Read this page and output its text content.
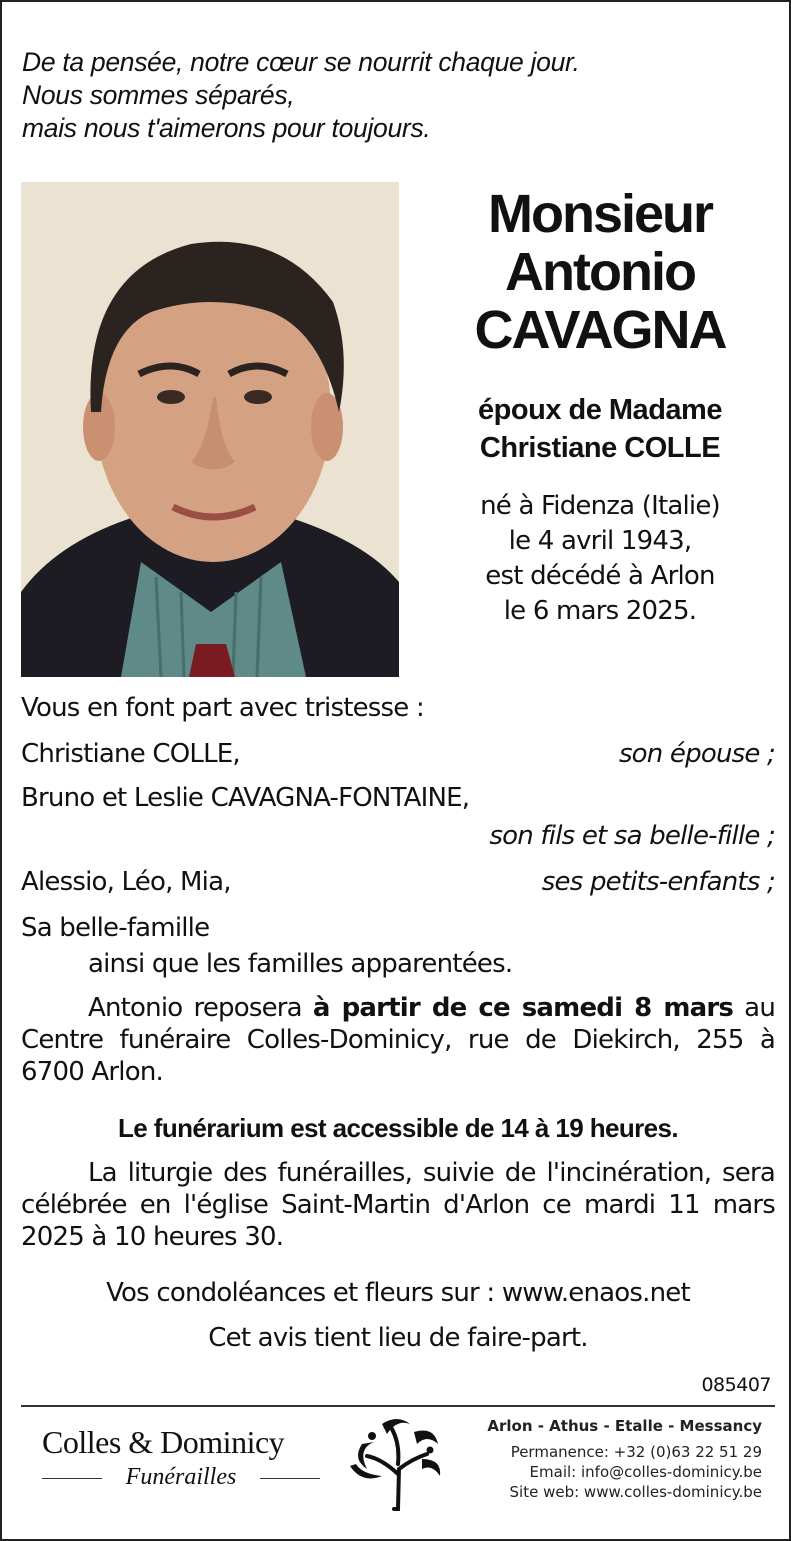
De ta pensée, notre cœur se nourrit chaque jour.
Nous sommes séparés,
mais nous t'aimerons pour toujours.
Monsieur
Antonio
CAVAGNA
époux de Madame
Christiane COLLE
né à Fidenza (Italie)
le 4 avril 1943,
est décédé à Arlon
le 6 mars 2025.
Vous en font part avec tristesse :
Christiane COLLE,	son épouse ;
Bruno et Leslie CAVAGNA-FONTAINE,
son fils et sa belle-fille ;
Alessio, Léo, Mia,	ses petits-enfants ;
Sa belle-famille
ainsi que les familles apparentées.
Antonio reposera à partir de ce samedi 8 mars au Centre funéraire Colles-Dominicy, rue de Diekirch, 255 à 6700 Arlon.
Le funérarium est accessible de 14 à 19 heures.
La liturgie des funérailles, suivie de l'incinération, sera célébrée en l'église Saint-Martin d'Arlon ce mardi 11 mars 2025 à 10 heures 30.
Vos condoléances et fleurs sur : www.enaos.net
Cet avis tient lieu de faire-part.
085407
Colles & Dominicy
Funérailles
Arlon - Athus - Etalle - Messancy
Permanence: +32 (0)63 22 51 29
Email: info@colles-dominicy.be
Site web: www.colles-dominicy.be
